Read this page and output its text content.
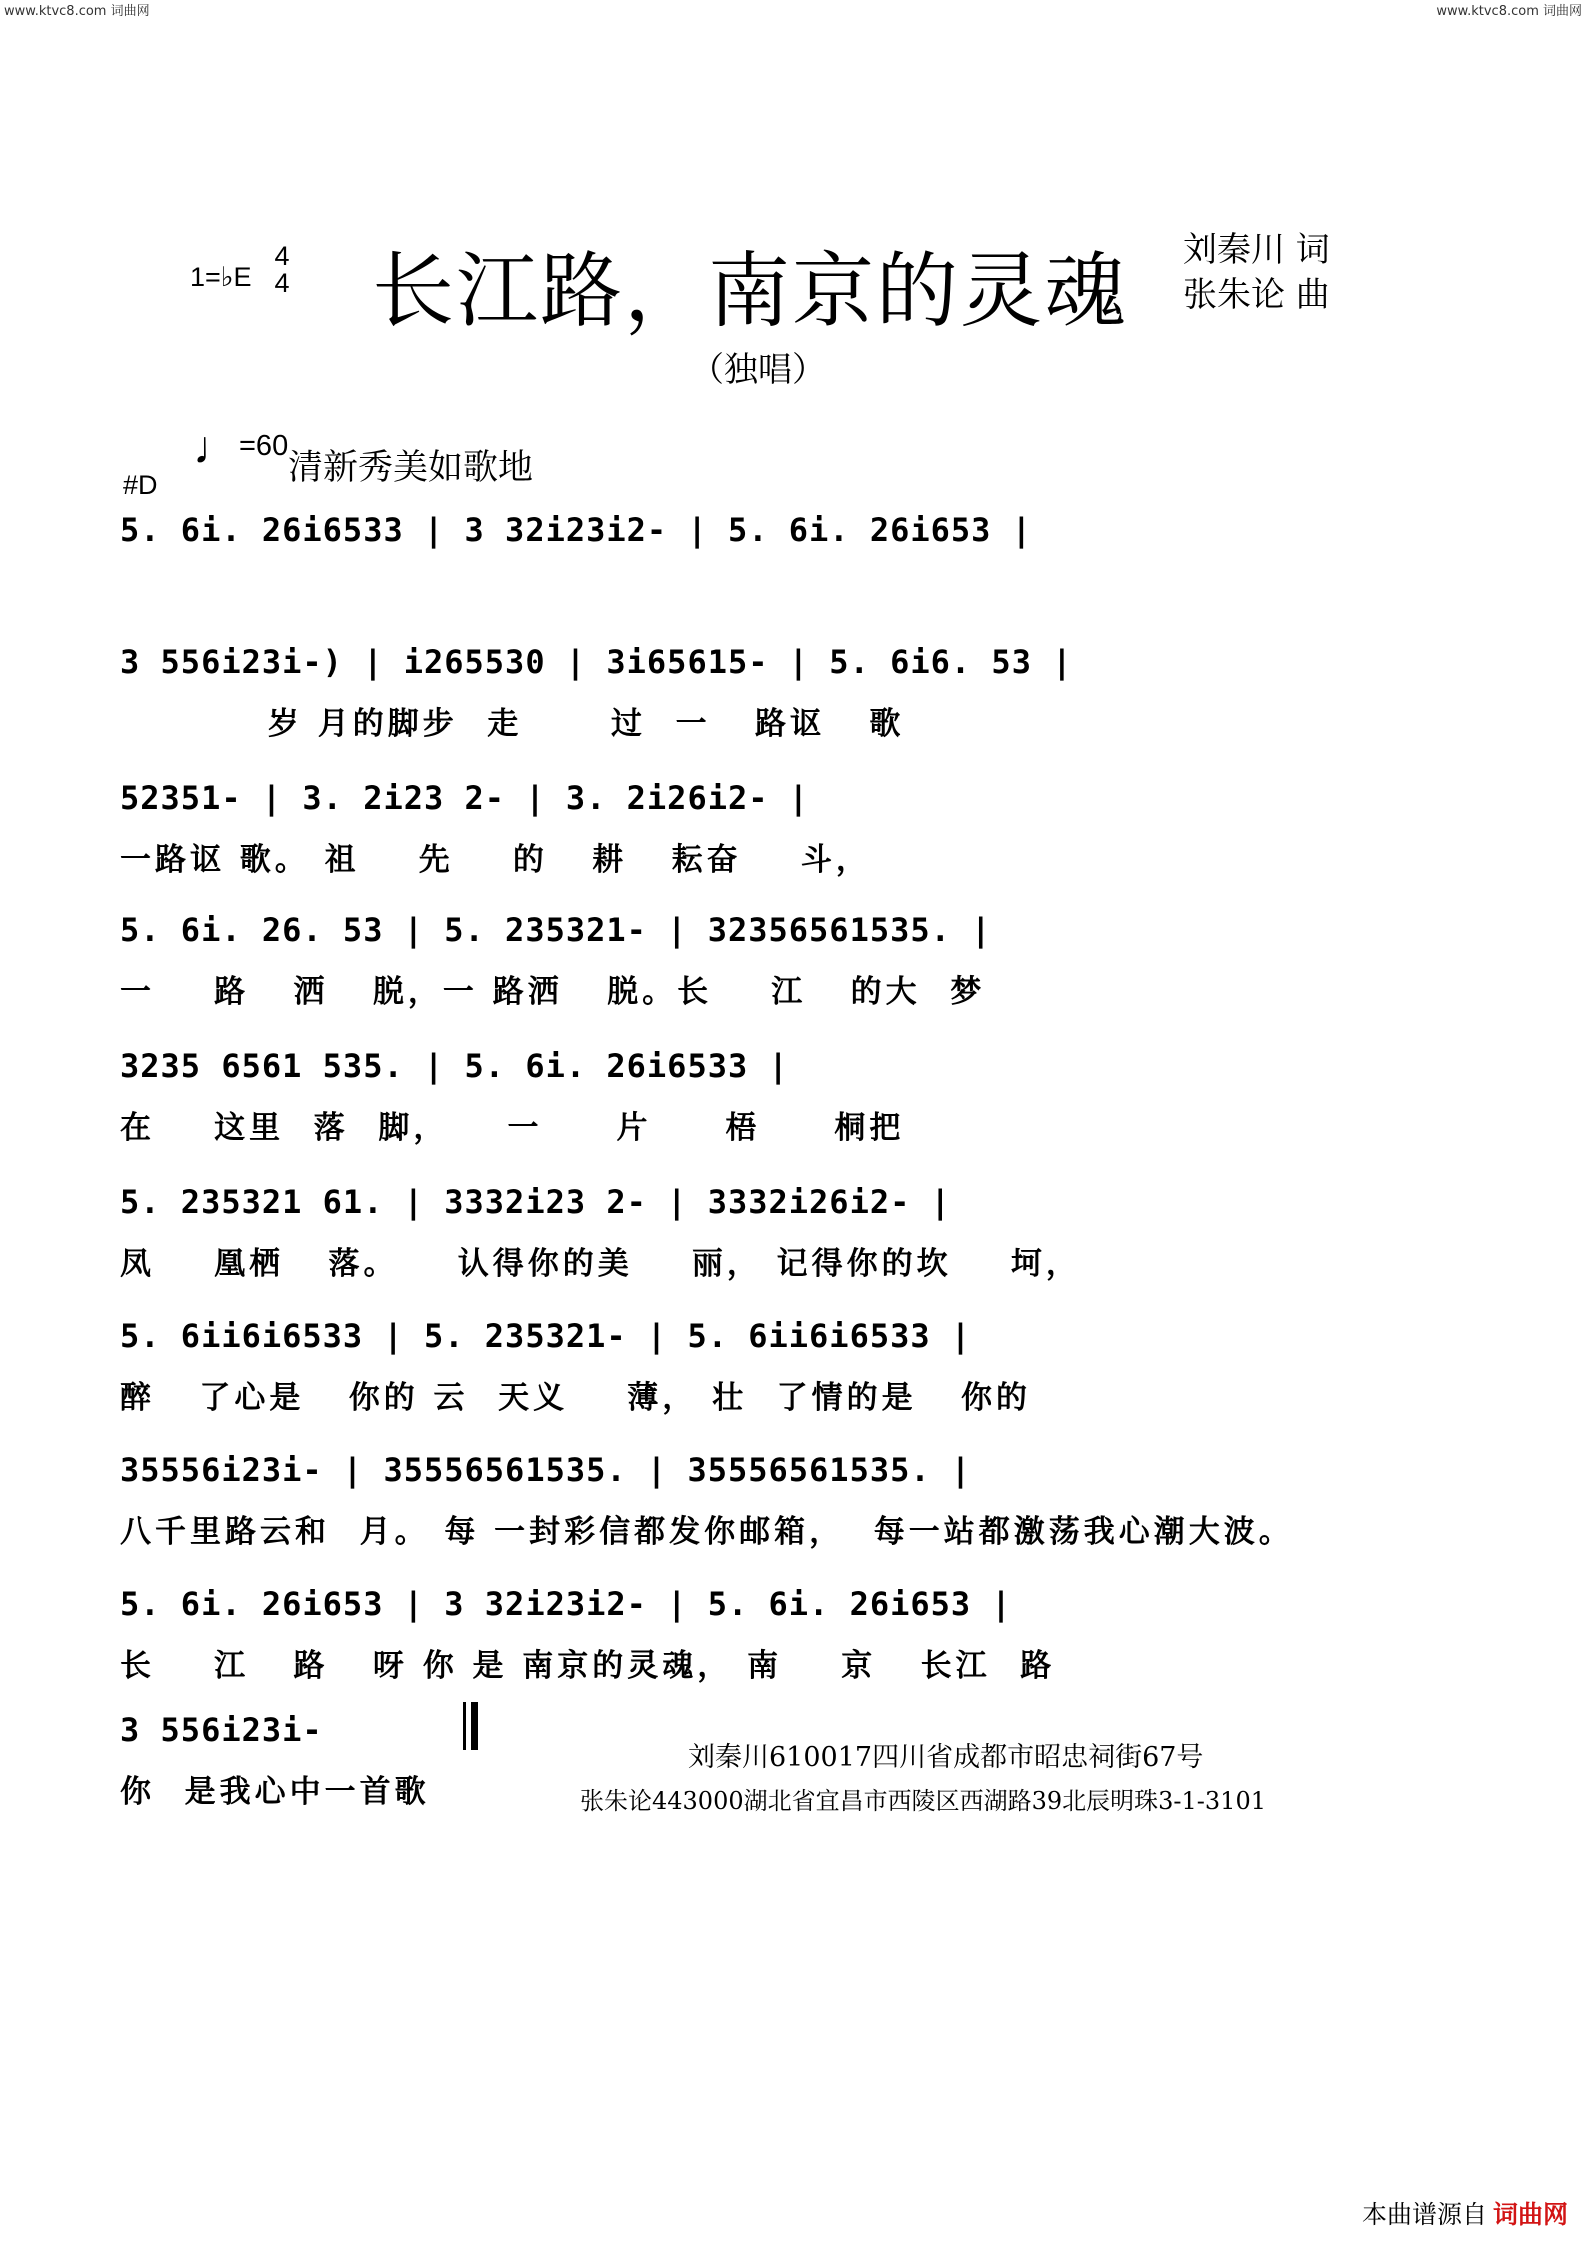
www.ktvc8.com 词曲网	www.ktvc8.com 词曲网
1=♭E
4
4 长江路，南京的灵魂 刘秦川 词
张朱论 曲
（独唱）
♩=60
清新秀美如歌地
#D
5. 6i. 26i6533 | 3 32i23i2- | 5. 6i. 26i653 |
3 556i23i-) | i265530 | 3i65615- | 5. 6i6. 53 |
岁 月的脚步  走      过  一   路讴   歌
52351- | 3. 2i23 2- | 3. 2i26i2- |
一路讴 歌。 祖    先    的   耕   耘奋    斗，
5. 6i. 26. 53 | 5. 235321- | 32356561535. |
一    路   洒   脱，一 路洒   脱。长    江   的大  梦
3235 6561 535. | 5. 6i. 26i6533 |
在    这里  落  脚，    一     片     梧     桐把
5. 235321 61. | 3332i23 2- | 3332i26i2- |
凤    凰栖   落。    认得你的美    丽， 记得你的坎    坷，
5. 6ii6i6533 | 5. 235321- | 5. 6ii6i6533 |
醉   了心是   你的 云  天义    薄， 壮  了情的是   你的
35556i23i- | 35556561535. | 35556561535. |
八千里路云和  月。 每 一封彩信都发你邮箱，  每一站都激荡我心潮大波。
5. 6i. 26i653 | 3 32i23i2- | 5. 6i. 26i653 |
长    江   路   呀 你 是 南京的灵魂， 南    京   长江  路
3 556i23i-
你  是我心中一首歌
刘秦川610017四川省成都市昭忠祠街67号
张朱论443000湖北省宜昌市西陵区西湖路39北辰明珠3-1-3101
本曲谱源自 词曲网
